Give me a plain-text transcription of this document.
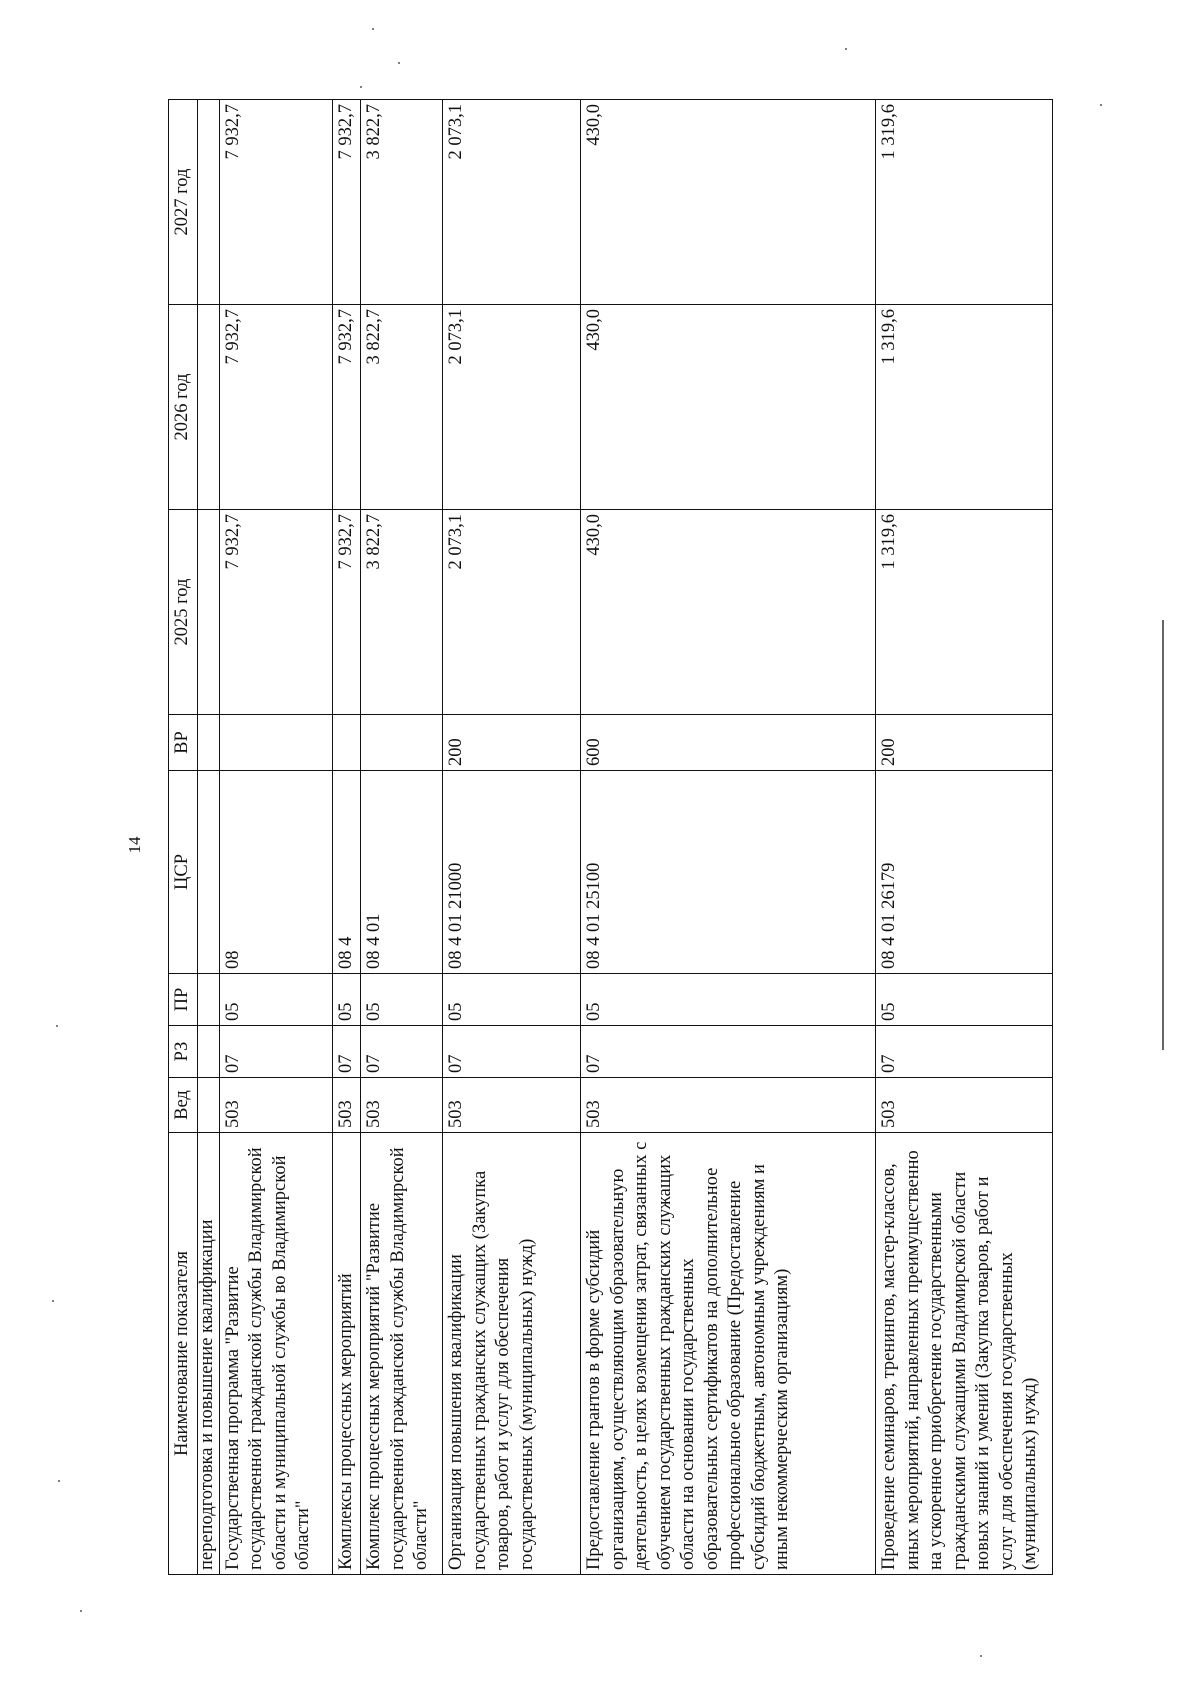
14
Наименование показателя	Вед	РЗ	ПР	ЦСР	ВР	2025 год	2026 год	2027 год
переподготовка и повышение квалификации								
Государственная программа "Развитие государственной гражданской службы Владимирской области и муниципальной службы во Владимирской области"	503	07	05	08		7 932,7	7 932,7	7 932,7
Комплексы процессных мероприятий	503	07	05	08 4		7 932,7	7 932,7	7 932,7
Комплекс процессных мероприятий "Развитие государственной гражданской службы Владимирской области"	503	07	05	08 4 01		3 822,7	3 822,7	3 822,7
Организация повышения квалификации государственных гражданских служащих (Закупка товаров, работ и услуг для обеспечения государственных (муниципальных) нужд)	503	07	05	08 4 01 21000	200	2 073,1	2 073,1	2 073,1
Предоставление грантов в форме субсидий организациям, осуществляющим образовательную деятельность, в целях возмещения затрат, связанных с обучением государственных гражданских служащих области на основании государственных образовательных сертификатов на дополнительное профессиональное образование (Предоставление субсидий бюджетным, автономным учреждениям и иным некоммерческим организациям)	503	07	05	08 4 01 25100	600	430,0	430,0	430,0
Проведение семинаров, тренингов, мастер-классов, иных мероприятий, направленных преимущественно на ускоренное приобретение государственными гражданскими служащими Владимирской области новых знаний и умений (Закупка товаров, работ и услуг для обеспечения государственных (муниципальных) нужд)	503	07	05	08 4 01 26179	200	1 319,6	1 319,6	1 319,6
